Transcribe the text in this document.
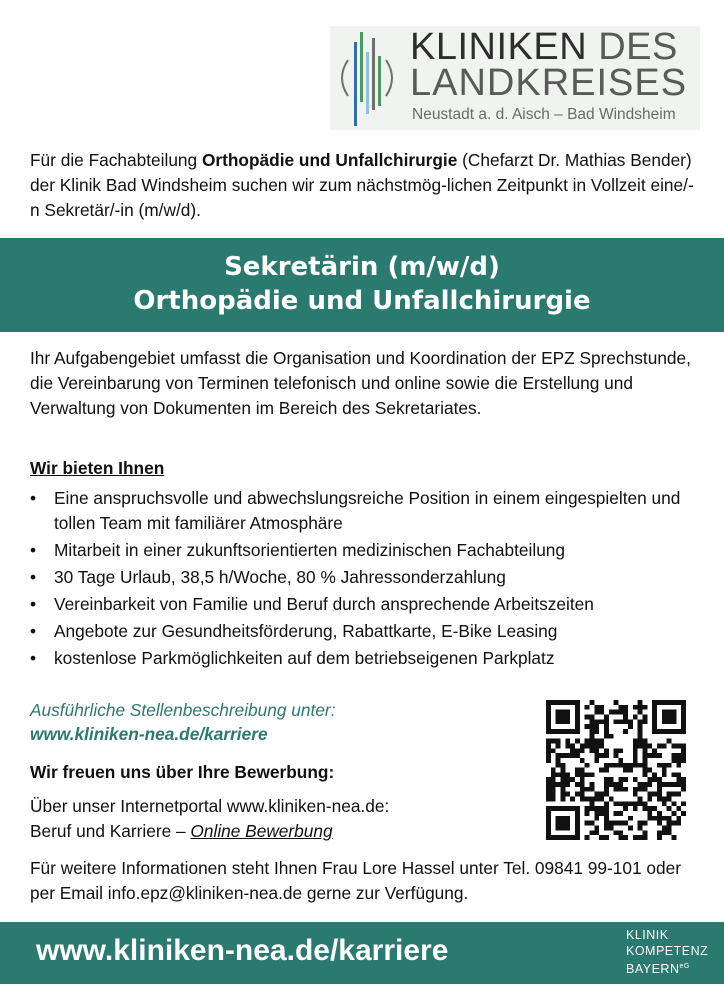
KLINIKEN DES
LANDKREISES
Neustadt a. d. Aisch – Bad Windsheim
Für die Fachabteilung Orthopädie und Unfallchirurgie (Chefarzt Dr. Mathias Bender) der Klinik Bad Windsheim suchen wir zum nächstmög-lichen Zeitpunkt in Vollzeit eine/-n Sekretär/-in (m/w/d).
Sekretärin (m/w/d)
Orthopädie und Unfallchirurgie
Ihr Aufgabengebiet umfasst die Organisation und Koordination der EPZ Sprechstunde, die Vereinbarung von Terminen telefonisch und online sowie die Erstellung und Verwaltung von Dokumenten im Bereich des Sekretariates.
Wir bieten Ihnen
• Eine anspruchsvolle und abwechslungsreiche Position in einem eingespielten und tollen Team mit familiärer Atmosphäre
• Mitarbeit in einer zukunftsorientierten medizinischen Fachabteilung
• 30 Tage Urlaub, 38,5 h/Woche, 80 % Jahressonderzahlung
• Vereinbarkeit von Familie und Beruf durch ansprechende Arbeitszeiten
• Angebote zur Gesundheitsförderung, Rabattkarte, E-Bike Leasing
• kostenlose Parkmöglichkeiten auf dem betriebseigenen Parkplatz
Ausführliche Stellenbeschreibung unter:
www.kliniken-nea.de/karriere
Wir freuen uns über Ihre Bewerbung:
Über unser Internetportal www.kliniken-nea.de:
Beruf und Karriere – Online Bewerbung
Für weitere Informationen steht Ihnen Frau Lore Hassel unter Tel. 09841 99-101 oder per Email info.epz@kliniken-nea.de gerne zur Verfügung.
www.kliniken-nea.de/karriere	KLINIK
KOMPETENZ
$BAYERN^{eG}$
